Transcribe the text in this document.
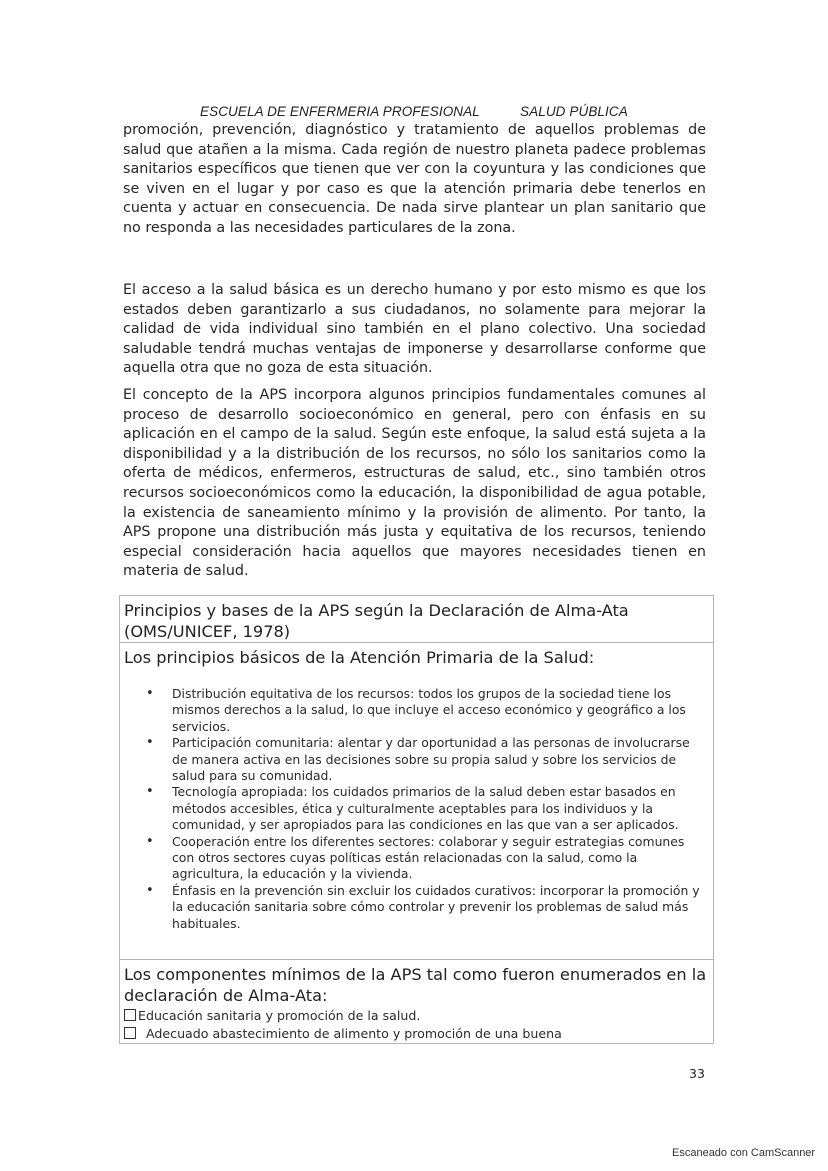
ESCUELA DE ENFERMERIA PROFESIONAL	SALUD PÚBLICA

promoción, prevención, diagnóstico y tratamiento de aquellos problemas de salud que atañen a la misma. Cada región de nuestro planeta padece problemas sanitarios específicos que tienen que ver con la coyuntura y las condiciones que se viven en el lugar y por caso es que la atención primaria debe tenerlos en cuenta y actuar en consecuencia. De nada sirve plantear un plan sanitario que no responda a las necesidades particulares de la zona.

El acceso a la salud básica es un derecho humano y por esto mismo es que los estados deben garantizarlo a sus ciudadanos, no solamente para mejorar la calidad de vida individual sino también en el plano colectivo. Una sociedad saludable tendrá muchas ventajas de imponerse y desarrollarse conforme que aquella otra que no goza de esta situación.

El concepto de la APS incorpora algunos principios fundamentales comunes al proceso de desarrollo socioeconómico en general, pero con énfasis en su aplicación en el campo de la salud. Según este enfoque, la salud está sujeta a la disponibilidad y a la distribución de los recursos, no sólo los sanitarios como la oferta de médicos, enfermeros, estructuras de salud, etc., sino también otros recursos socioeconómicos como la educación, la disponibilidad de agua potable, la existencia de saneamiento mínimo y la provisión de alimento. Por tanto, la APS propone una distribución más justa y equitativa de los recursos, teniendo especial consideración hacia aquellos que mayores necesidades tienen en materia de salud.

Principios y bases de la APS según la Declaración de Alma-Ata (OMS/UNICEF, 1978)
Los principios básicos de la Atención Primaria de la Salud:
• Distribución equitativa de los recursos: todos los grupos de la sociedad tiene los mismos derechos a la salud, lo que incluye el acceso económico y geográfico a los servicios.
• Participación comunitaria: alentar y dar oportunidad a las personas de involucrarse de manera activa en las decisiones sobre su propia salud y sobre los servicios de salud para su comunidad.
• Tecnología apropiada: los cuidados primarios de la salud deben estar basados en métodos accesibles, ética y culturalmente aceptables para los individuos y la comunidad, y ser apropiados para las condiciones en las que van a ser aplicados.
• Cooperación entre los diferentes sectores: colaborar y seguir estrategias comunes con otros sectores cuyas políticas están relacionadas con la salud, como la agricultura, la educación y la vivienda.
• Énfasis en la prevención sin excluir los cuidados curativos: incorporar la promoción y la educación sanitaria sobre cómo controlar y prevenir los problemas de salud más habituales.
Los componentes mínimos de la APS tal como fueron enumerados en la declaración de Alma-Ata:
Educación sanitaria y promoción de la salud.
Adecuado abastecimiento de alimento y promoción de una buena
33
Escaneado con CamScanner
